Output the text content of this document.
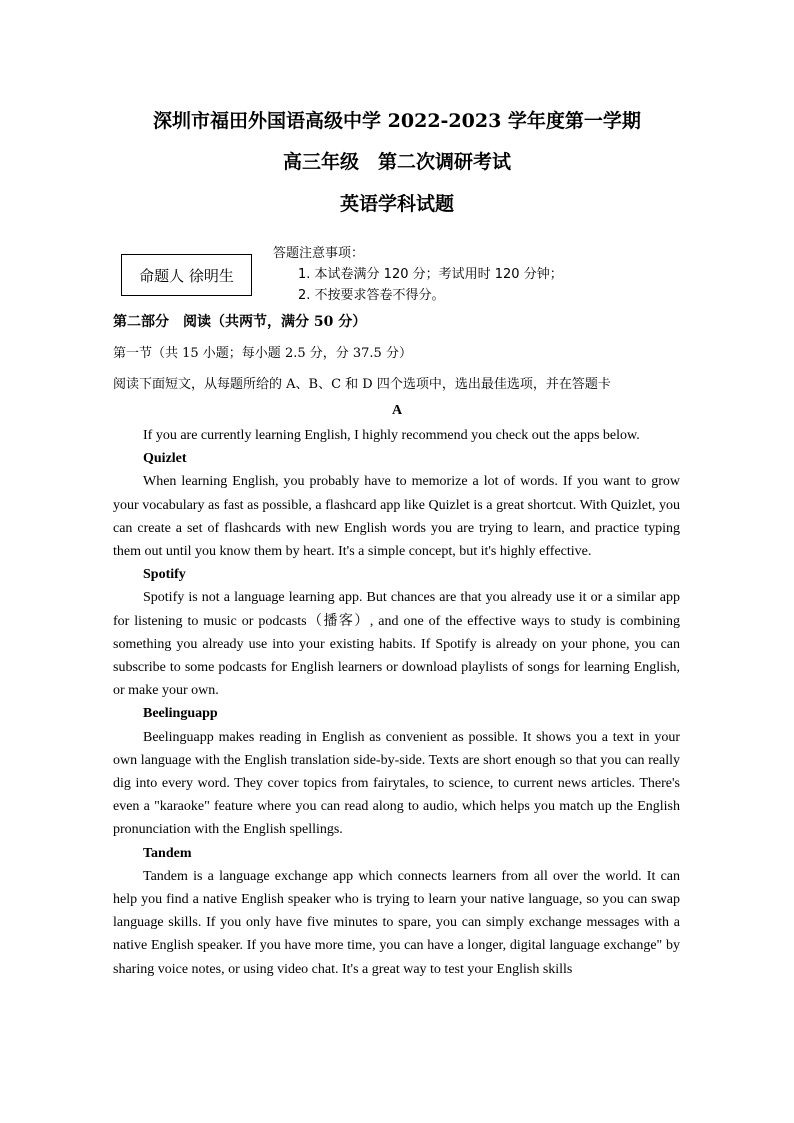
深圳市福田外国语高级中学 2022-2023 学年度第一学期
高三年级　第二次调研考试
英语学科试题
命题人 徐明生
答题注意事项：
1. 本试卷满分 120 分；考试用时 120 分钟；
2. 不按要求答卷不得分。
第二部分　阅读（共两节，满分 50 分）
第一节（共 15 小题；每小题 2.5 分，分 37.5 分）
阅读下面短文，从每题所给的 A、B、C 和 D 四个选项中，选出最佳选项，并在答题卡
A

If you are currently learning English, I highly recommend you check out the apps below.

Quizlet

When learning English, you probably have to memorize a lot of words. If you want to grow your vocabulary as fast as possible, a flashcard app like Quizlet is a great shortcut. With Quizlet, you can create a set of flashcards with new English words you are trying to learn, and practice typing them out until you know them by heart. It's a simple concept, but it's highly effective.

Spotify

Spotify is not a language learning app. But chances are that you already use it or a similar app for listening to music or podcasts（播客）, and one of the effective ways to study is combining something you already use into your existing habits. If Spotify is already on your phone, you can subscribe to some podcasts for English learners or download playlists of songs for learning English, or make your own.

Beelinguapp

Beelinguapp makes reading in English as convenient as possible. It shows you a text in your own language with the English translation side-by-side. Texts are short enough so that you can really dig into every word. They cover topics from fairytales, to science, to current news articles. There's even a "karaoke" feature where you can read along to audio, which helps you match up the English pronunciation with the English spellings.

Tandem

Tandem is a language exchange app which connects learners from all over the world. It can help you find a native English speaker who is trying to learn your native language, so you can swap language skills. If you only have five minutes to spare, you can simply exchange messages with a native English speaker. If you have more time, you can have a longer, digital language exchange" by sharing voice notes, or using video chat. It's a great way to test your English skills
